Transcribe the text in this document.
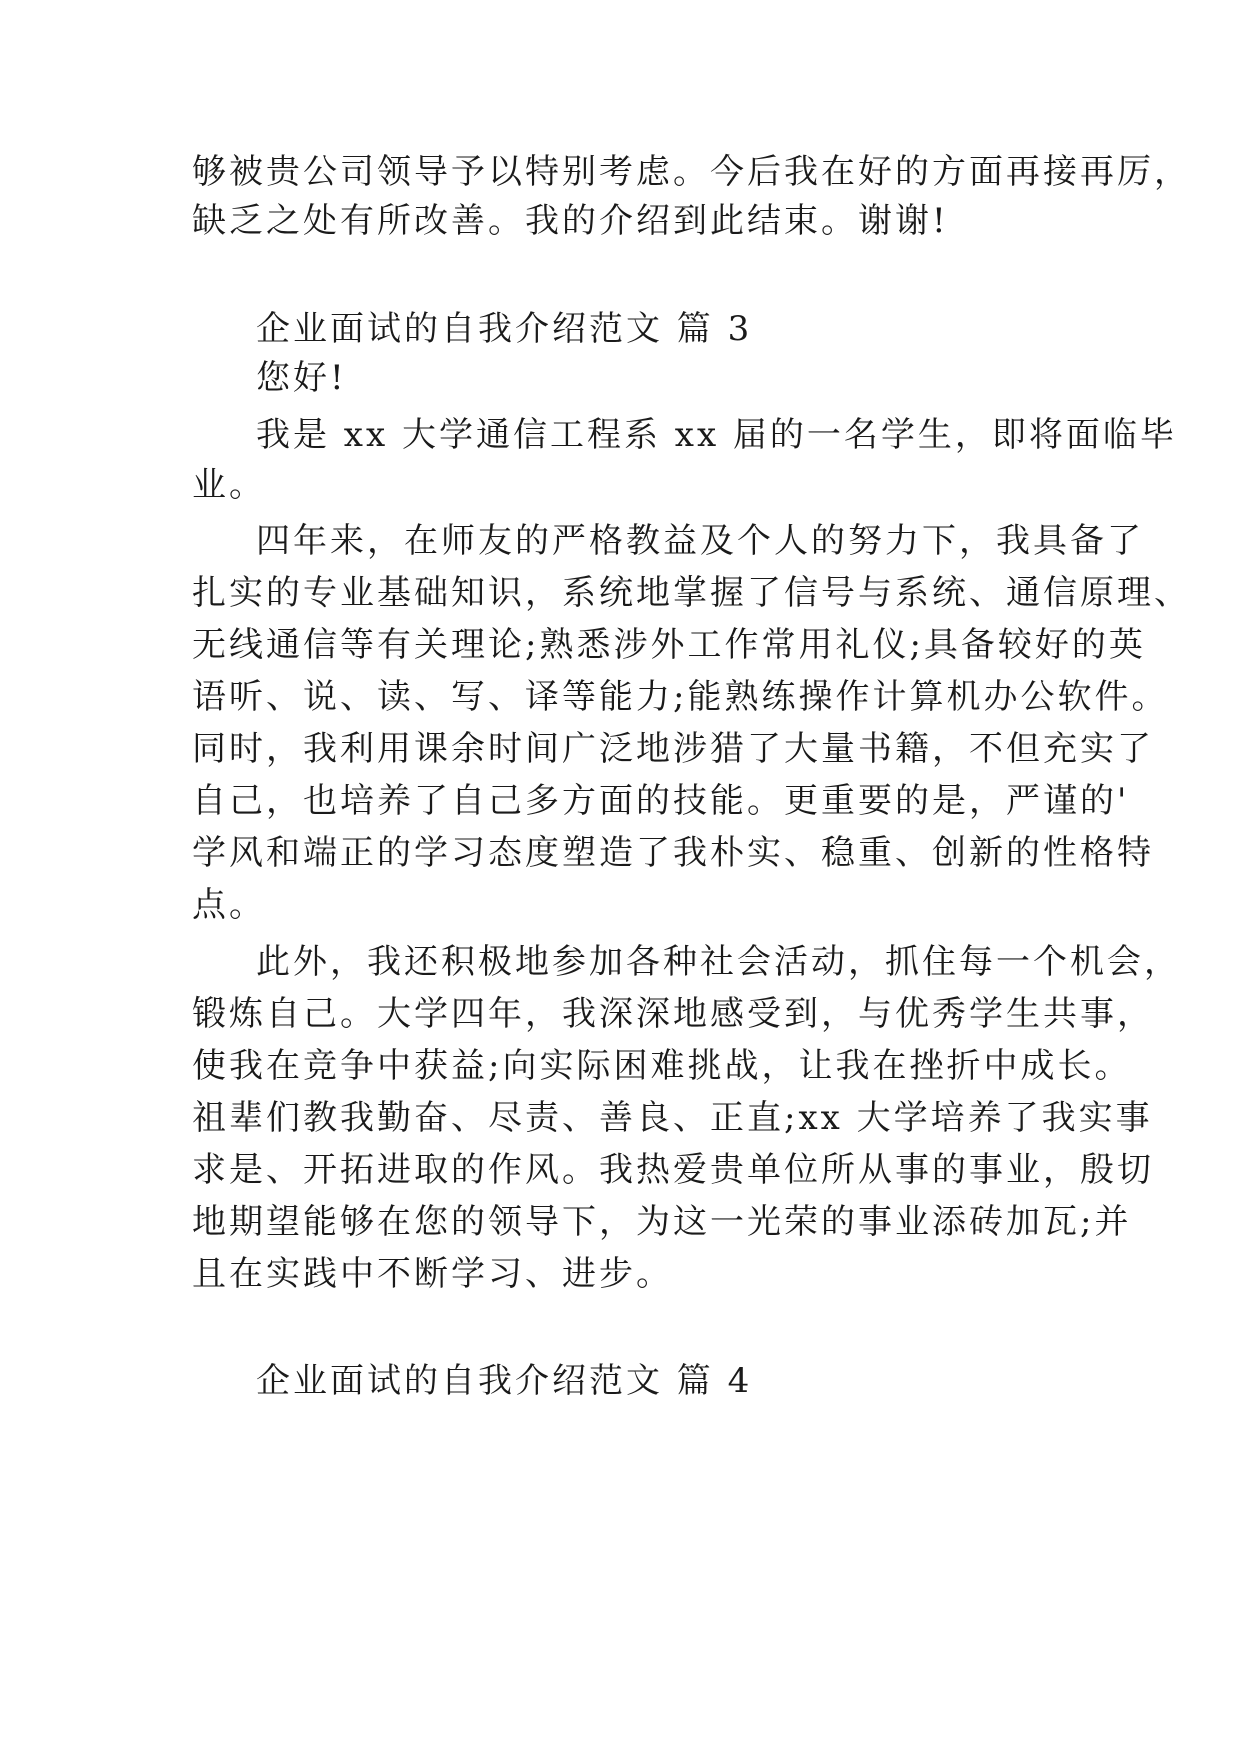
够被贵公司领导予以特别考虑。今后我在好的方面再接再厉，
缺乏之处有所改善。我的介绍到此结束。谢谢!
企业面试的自我介绍范文 篇 3
您好!
我是 xx 大学通信工程系 xx 届的一名学生，即将面临毕
业。
四年来，在师友的严格教益及个人的努力下，我具备了
扎实的专业基础知识，系统地掌握了信号与系统、通信原理、
无线通信等有关理论;熟悉涉外工作常用礼仪;具备较好的英
语听、说、读、写、译等能力;能熟练操作计算机办公软件。
同时，我利用课余时间广泛地涉猎了大量书籍，不但充实了
自己，也培养了自己多方面的技能。更重要的是，严谨的'
学风和端正的学习态度塑造了我朴实、稳重、创新的性格特
点。
此外，我还积极地参加各种社会活动，抓住每一个机会，
锻炼自己。大学四年，我深深地感受到，与优秀学生共事，
使我在竞争中获益;向实际困难挑战，让我在挫折中成长。
祖辈们教我勤奋、尽责、善良、正直;xx 大学培养了我实事
求是、开拓进取的作风。我热爱贵单位所从事的事业，殷切
地期望能够在您的领导下，为这一光荣的事业添砖加瓦;并
且在实践中不断学习、进步。
企业面试的自我介绍范文 篇 4
